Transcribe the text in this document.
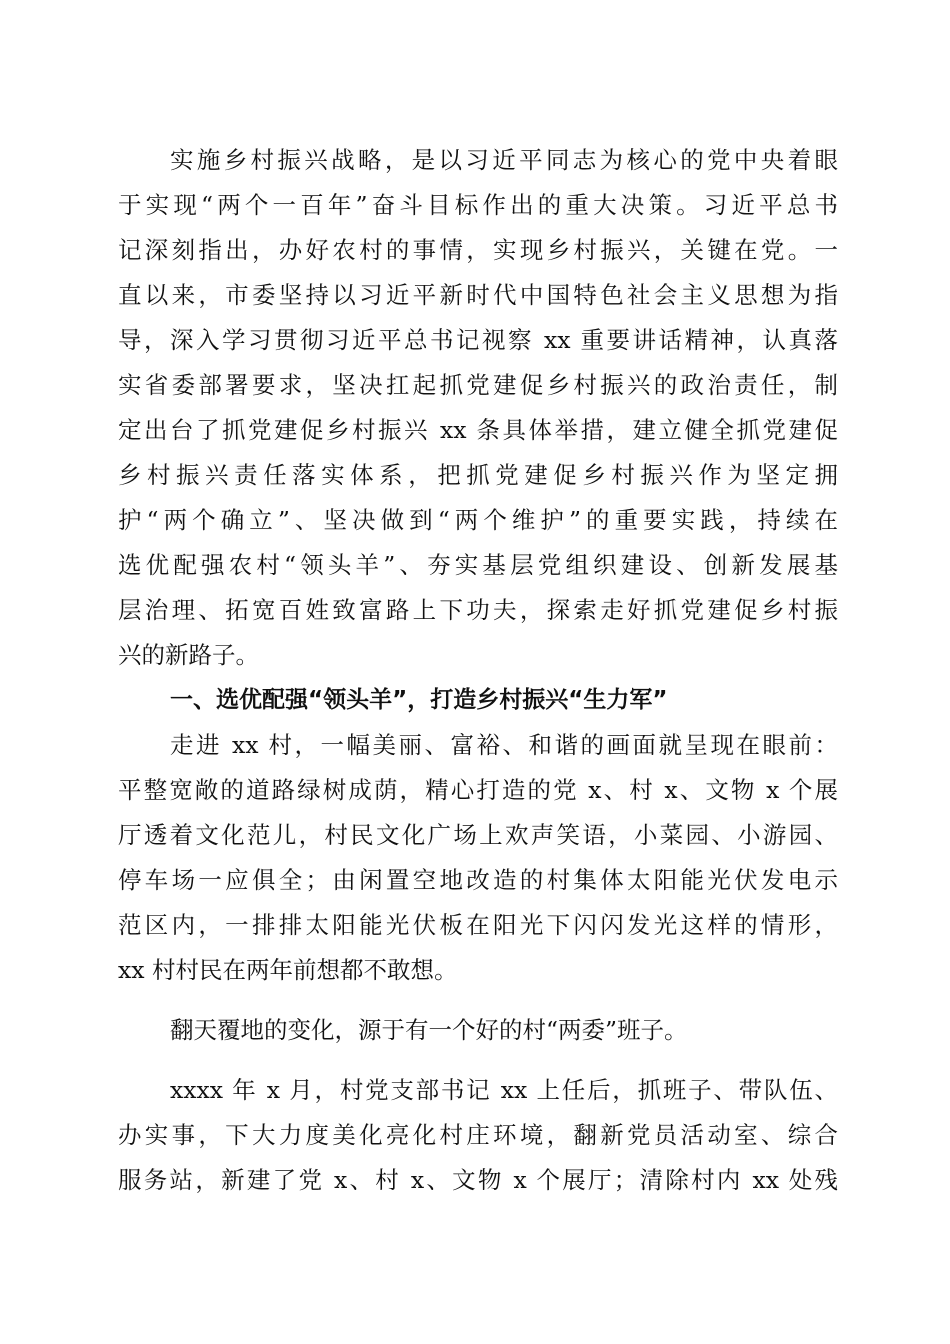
实施乡村振兴战略，是以习近平同志为核心的党中央着眼
于实现“两个一百年”奋斗目标作出的重大决策。习近平总书
记深刻指出，办好农村的事情，实现乡村振兴，关键在党。一
直以来，市委坚持以习近平新时代中国特色社会主义思想为指
导，深入学习贯彻习近平总书记视察 xx 重要讲话精神，认真落
实省委部署要求，坚决扛起抓党建促乡村振兴的政治责任，制
定出台了抓党建促乡村振兴 xx 条具体举措，建立健全抓党建促
乡村振兴责任落实体系，把抓党建促乡村振兴作为坚定拥
护“两个确立”、坚决做到“两个维护”的重要实践，持续在
选优配强农村“领头羊”、夯实基层党组织建设、创新发展基
层治理、拓宽百姓致富路上下功夫，探索走好抓党建促乡村振
兴的新路子。
一、选优配强“领头羊”，打造乡村振兴“生力军”
走进 xx 村，一幅美丽、富裕、和谐的画面就呈现在眼前：
平整宽敞的道路绿树成荫，精心打造的党 x、村 x、文物 x 个展
厅透着文化范儿，村民文化广场上欢声笑语，小菜园、小游园、
停车场一应俱全；由闲置空地改造的村集体太阳能光伏发电示
范区内，一排排太阳能光伏板在阳光下闪闪发光这样的情形，
xx 村村民在两年前想都不敢想。
翻天覆地的变化，源于有一个好的村“两委”班子。
xxxx 年 x 月，村党支部书记 xx 上任后，抓班子、带队伍、
办实事，下大力度美化亮化村庄环境，翻新党员活动室、综合
服务站，新建了党 x、村 x、文物 x 个展厅；清除村内 xx 处残
